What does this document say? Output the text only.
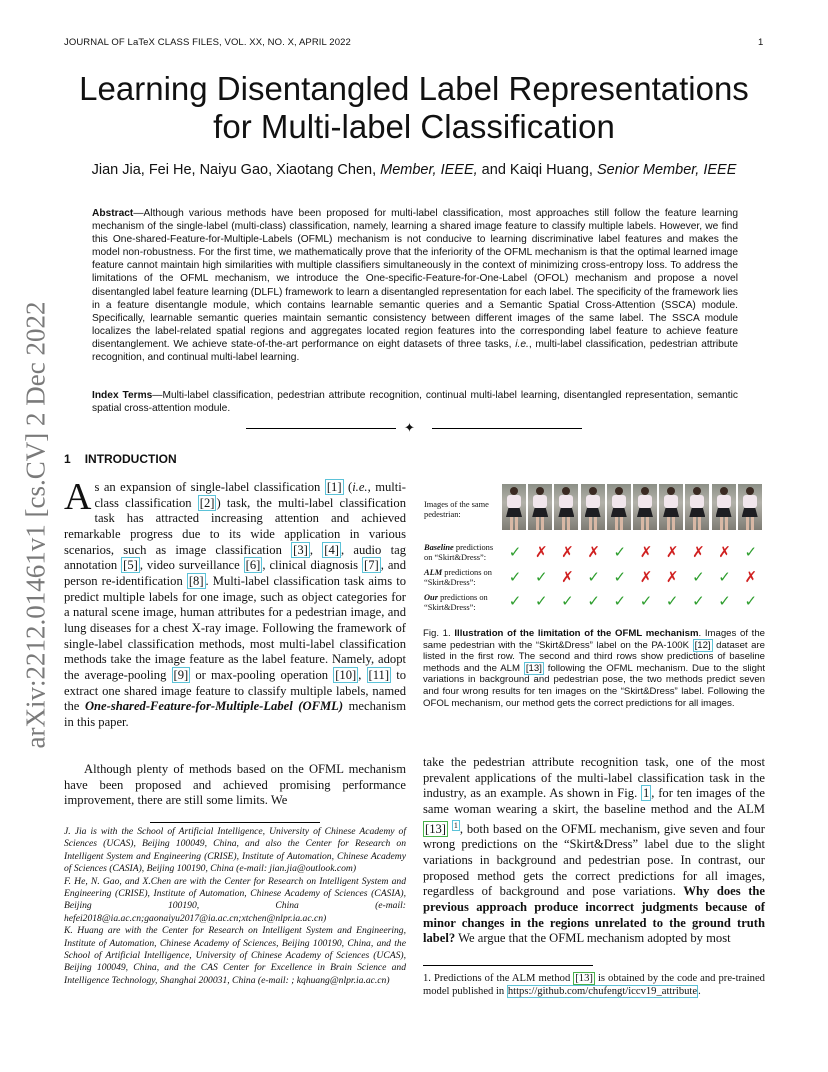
JOURNAL OF LaTeX CLASS FILES, VOL. XX, NO. X, APRIL 2022	1
Learning Disentangled Label Representations
for Multi-label Classification
Jian Jia, Fei He, Naiyu Gao, Xiaotang Chen, Member, IEEE, and Kaiqi Huang, Senior Member, IEEE
Abstract—Although various methods have been proposed for multi-label classification, most approaches still follow the feature learning mechanism of the single-label (multi-class) classification, namely, learning a shared image feature to classify multiple labels. However, we find this One-shared-Feature-for-Multiple-Labels (OFML) mechanism is not conducive to learning discriminative label features and makes the model non-robustness. For the first time, we mathematically prove that the inferiority of the OFML mechanism is that the optimal learned image feature cannot maintain high similarities with multiple classifiers simultaneously in the context of minimizing cross-entropy loss. To address the limitations of the OFML mechanism, we introduce the One-specific-Feature-for-One-Label (OFOL) mechanism and propose a novel disentangled label feature learning (DLFL) framework to learn a disentangled representation for each label. The specificity of the framework lies in a feature disentangle module, which contains learnable semantic queries and a Semantic Spatial Cross-Attention (SSCA) module. Specifically, learnable semantic queries maintain semantic consistency between different images of the same label. The SSCA module localizes the label-related spatial regions and aggregates located region features into the corresponding label feature to achieve feature disentanglement. We achieve state-of-the-art performance on eight datasets of three tasks, i.e., multi-label classification, pedestrian attribute recognition, and continual multi-label learning.
Index Terms—Multi-label classification, pedestrian attribute recognition, continual multi-label learning, disentangled representation, semantic spatial cross-attention module.
✦
arXiv:2212.01461v1 [cs.CV] 2 Dec 2022 1 INTRODUCTION
As an expansion of single-label classification [1] (i.e., multi-class classification [2] ) task, the multi-label classification task has attracted increasing attention and achieved remarkable progress due to its wide application in various scenarios, such as image classification [3] , [4] , audio tag annotation [5] , video surveillance [6] , clinical diagnosis [7] , and person re-identification [8] . Multi-label classification task aims to predict multiple labels for one image, such as object categories for a natural scene image, human attributes for a pedestrian image, and lung diseases for a chest X-ray image. Following the framework of single-label classification methods, most multi-label classification methods take the image feature as the label feature. Namely, adopt the average-pooling [9] or max-pooling operation [10] , [11] to extract one shared image feature to classify multiple labels, named the One-shared-Feature-for-Multiple-Label (OFML) mechanism in this paper.
Although plenty of methods based on the OFML mechanism have been proposed and achieved promising performance improvement, there are still some limits. We

J. Jia is with the School of Artificial Intelligence, University of Chinese Academy of Sciences (UCAS), Beijing 100049, China, and also the Center for Research on Intelligent System and Engineering (CRISE), Institute of Automation, Chinese Academy of Sciences (CASIA), Beijing 100190, China (e-mail: jian.jia@outlook.com)

F. He, N. Gao, and X.Chen are with the Center for Research on Intelligent System and Engineering (CRISE), Institute of Automation, Chinese Academy of Sciences (CASIA), Beijing 100190, China (e-mail: hefei2018@ia.ac.cn;gaonaiyu2017@ia.ac.cn;xtchen@nlpr.ia.ac.cn)

K. Huang are with the Center for Research on Intelligent System and Engineering, Institute of Automation, Chinese Academy of Sciences, Beijing 100190, China, and the School of Artificial Intelligence, University of Chinese Academy of Sciences (UCAS), Beijing 100049, China, and the CAS Center for Excellence in Brain Science and Intelligence Technology, Shanghai 200031, China (e-mail: ; kqhuang@nlpr.ia.ac.cn)

Images of the same pedestrian:
Baseline predictions on “Skirt&Dress”:	✓ ✗ ✗ ✗ ✓ ✗ ✗ ✗ ✗ ✓
ALM predictions on “Skirt&Dress”:	✓ ✓ ✗ ✓ ✓ ✗ ✗ ✓ ✓ ✗
Our predictions on “Skirt&Dress”:	✓ ✓ ✓ ✓ ✓ ✓ ✓ ✓ ✓ ✓
Fig. 1. Illustration of the limitation of the OFML mechanism. Images of the same pedestrian with the “Skirt&Dress” label on the PA-100K [12] dataset are listed in the first row. The second and third rows show predictions of baseline methods and the ALM [13] following the OFML mechanism. Due to the slight variations in background and pedestrian pose, the two methods predict seven and four wrong results for ten images on the “Skirt&Dress” label. Following the OFOL mechanism, our method gets the correct predictions for all images.
take the pedestrian attribute recognition task, one of the most prevalent applications of the multi-label classification task in the industry, as an example. As shown in Fig. 1 , for ten images of the same woman wearing a skirt, the baseline method and the ALM [13] $^1$ , both based on the OFML mechanism, give seven and four wrong predictions on the “Skirt&Dress” label due to the slight variations in background and pedestrian pose. In contrast, our proposed method gets the correct predictions for all images, regardless of background and pose variations. Why does the previous approach produce incorrect judgments because of minor changes in the regions unrelated to the ground truth label? We argue that the OFML mechanism adopted by most
1. Predictions of the ALM method [13] is obtained by the code and pre-trained model published in https://github.com/chufengt/iccv19_attribute.
